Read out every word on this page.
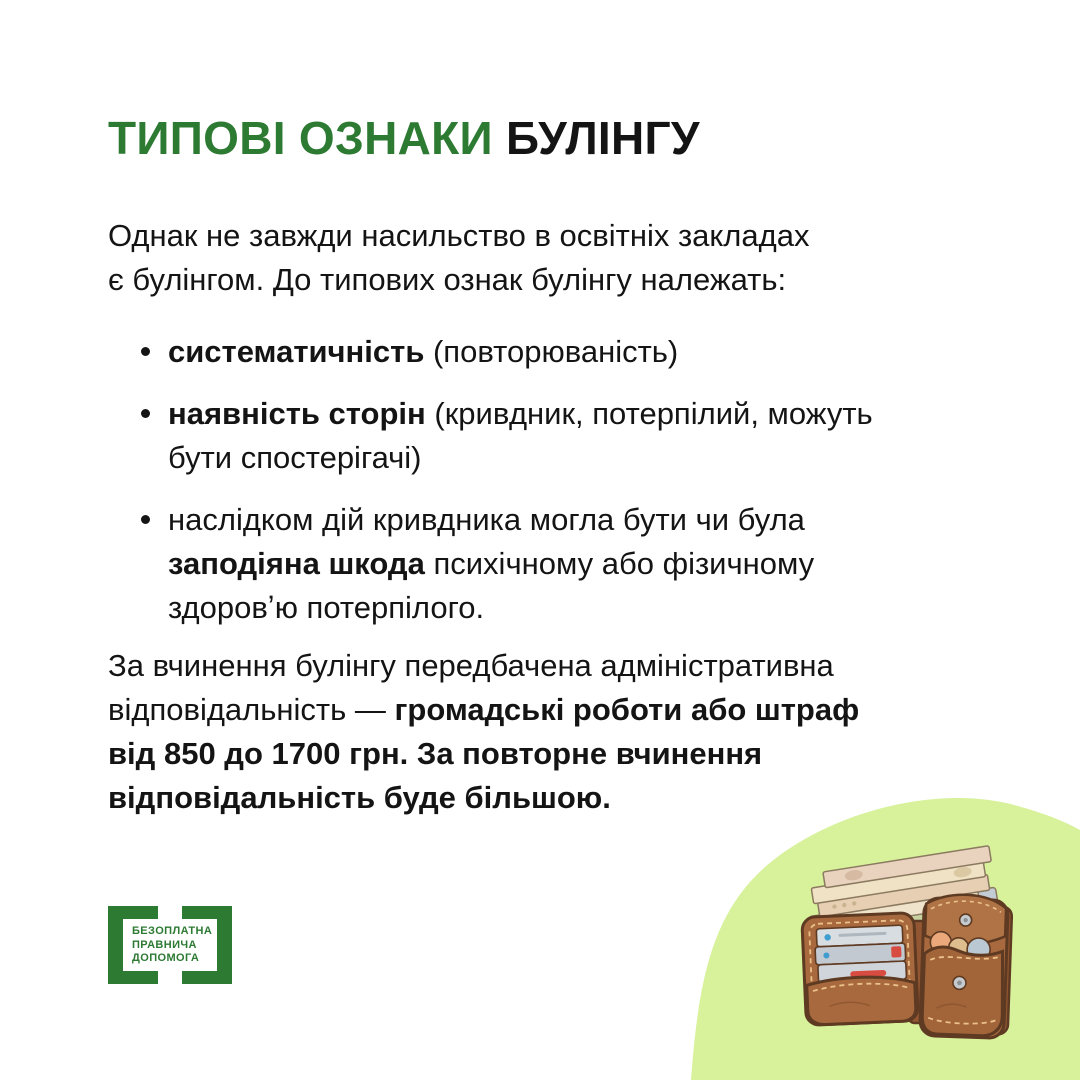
ТИПОВІ ОЗНАКИ БУЛІНГУ

Однак не завжди насильство в освітніх закладах
є булінгом. До типових ознак булінгу належать:

систематичність (повторюваність)
наявність сторін (кривдник, потерпілий, можуть
бути спостерігачі)
наслідком дій кривдника могла бути чи була
заподіяна шкода психічному або фізичному
здоровʼю потерпілого.

За вчинення булінгу передбачена адміністративна
відповідальність — громадські роботи або штраф
від 850 до 1700 грн. За повторне вчинення
відповідальність буде більшою.

БЕЗОПЛАТНА
ПРАВНИЧА
ДОПОМОГА
